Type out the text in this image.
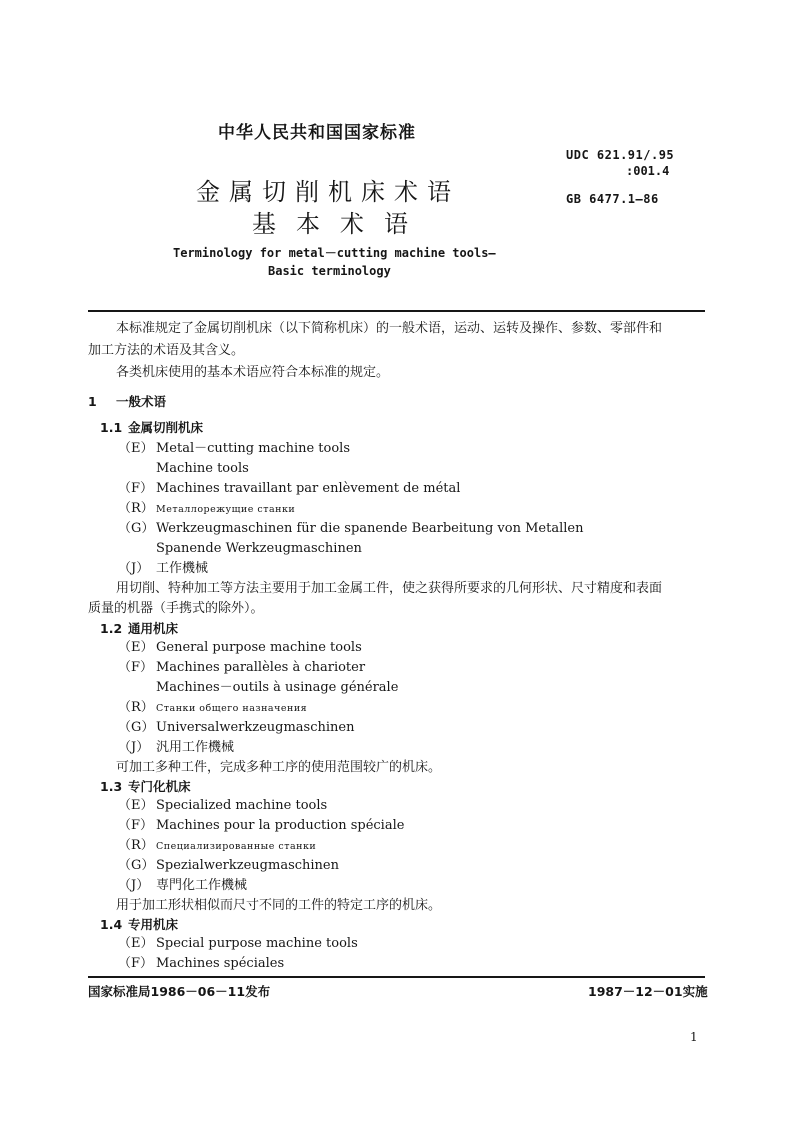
中华人民共和国国家标准
金属切削机床术语
基本术语
UDC 621.91/.95
:001.4
GB 6477.1—86
Terminology for metal－cutting machine tools—
Basic terminology
本标准规定了金属切削机床（以下简称机床）的一般术语，运动、运转及操作、参数、零部件和
加工方法的术语及其含义。
各类机床使用的基本术语应符合本标准的规定。
1 一般术语
1.1 金属切削机床
（E） Metal－cutting machine tools
Machine tools
（F） Machines travaillant par enlèvement de métal
（R） Металлорежущие станки
（G） Werkzeugmaschinen für die spanende Bearbeitung von Metallen
Spanende Werkzeugmaschinen
（J） 工作機械
用切削、特种加工等方法主要用于加工金属工件，使之获得所要求的几何形状、尺寸精度和表面
质量的机器（手携式的除外）。
1.2 通用机床
（E） General purpose machine tools
（F） Machines parallèles à charioter
Machines－outils à usinage générale
（R） Станки общего назначения
（G） Universalwerkzeugmaschinen
（J） 汎用工作機械
可加工多种工件，完成多种工序的使用范围较广的机床。
1.3 专门化机床
（E） Specialized machine tools
（F） Machines pour la production spéciale
（R） Специализированные станки
（G） Spezialwerkzeugmaschinen
（J） 専門化工作機械
用于加工形状相似而尺寸不同的工件的特定工序的机床。
1.4 专用机床
（E） Special purpose machine tools
（F） Machines spéciales
国家标准局1986－06－11发布	1987－12－01实施
1
